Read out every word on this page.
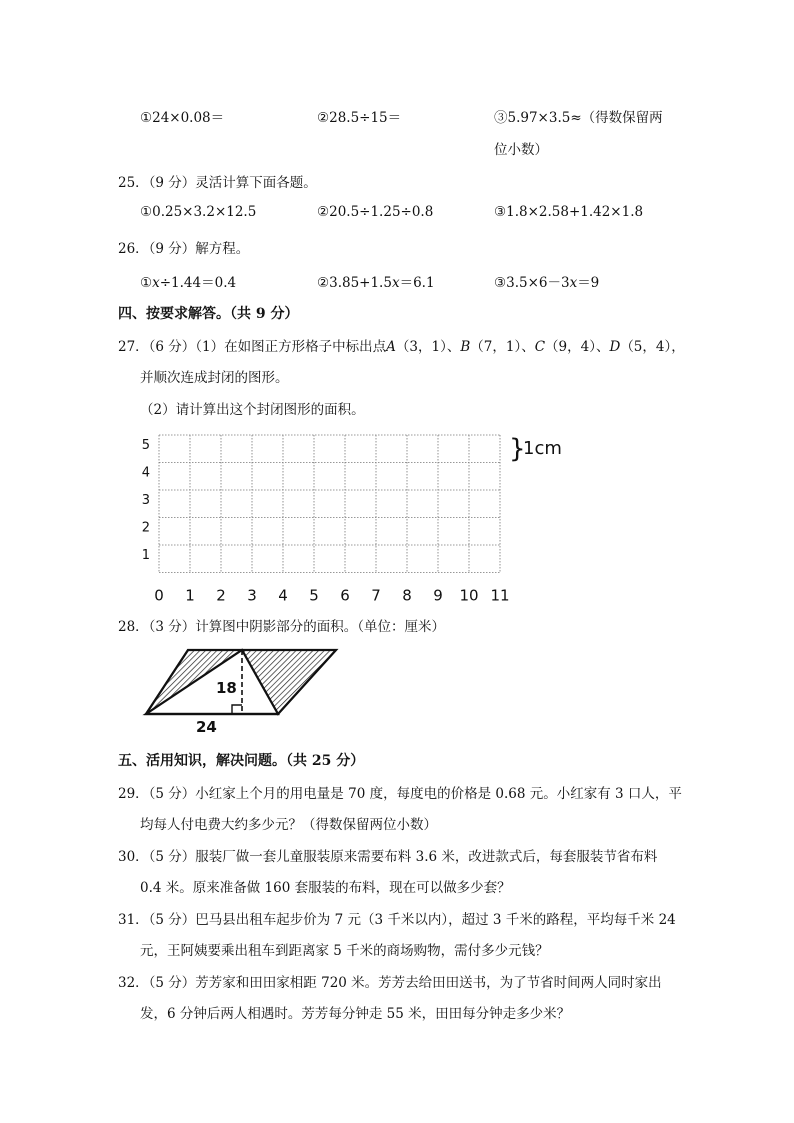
①24×0.08＝	②28.5÷15＝	③5.97×3.5≈（得数保留两
位小数）
25．（9 分）灵活计算下面各题。
①0.25×3.2×12.5	②20.5÷1.25÷0.8	③1.8×2.58+1.42×1.8
26．（9 分）解方程。
①x÷1.44＝0.4	②3.85+1.5x＝6.1	③3.5×6－3x＝9
四、按要求解答。（共 9 分）
27．（6 分）（1）在如图正方形格子中标出点A（3，1）、B（7，1）、C（9，4）、D（5，4），
并顺次连成封闭的图形。
（2）请计算出这个封闭图形的面积。
0 1 2 3 4 5 6 7 8 9 10 11
1
2
3
4
5	}
1cm
28．（3 分）计算图中阴影部分的面积。（单位：厘米）
18
24
五、活用知识，解决问题。（共 25 分）
29．（5 分）小红家上个月的用电量是 70 度，每度电的价格是 0.68 元。小红家有 3 口人，平
均每人付电费大约多少元？（得数保留两位小数）
30．（5 分）服装厂做一套儿童服装原来需要布料 3.6 米，改进款式后，每套服装节省布料
0.4 米。原来准备做 160 套服装的布料，现在可以做多少套？
31．（5 分）巴马县出租车起步价为 7 元（3 千米以内），超过 3 千米的路程，平均每千米 24
元，王阿姨要乘出租车到距离家 5 千米的商场购物，需付多少元钱？
32．（5 分）芳芳家和田田家相距 720 米。芳芳去给田田送书，为了节省时间两人同时家出
发，6 分钟后两人相遇时。芳芳每分钟走 55 米，田田每分钟走多少米？
